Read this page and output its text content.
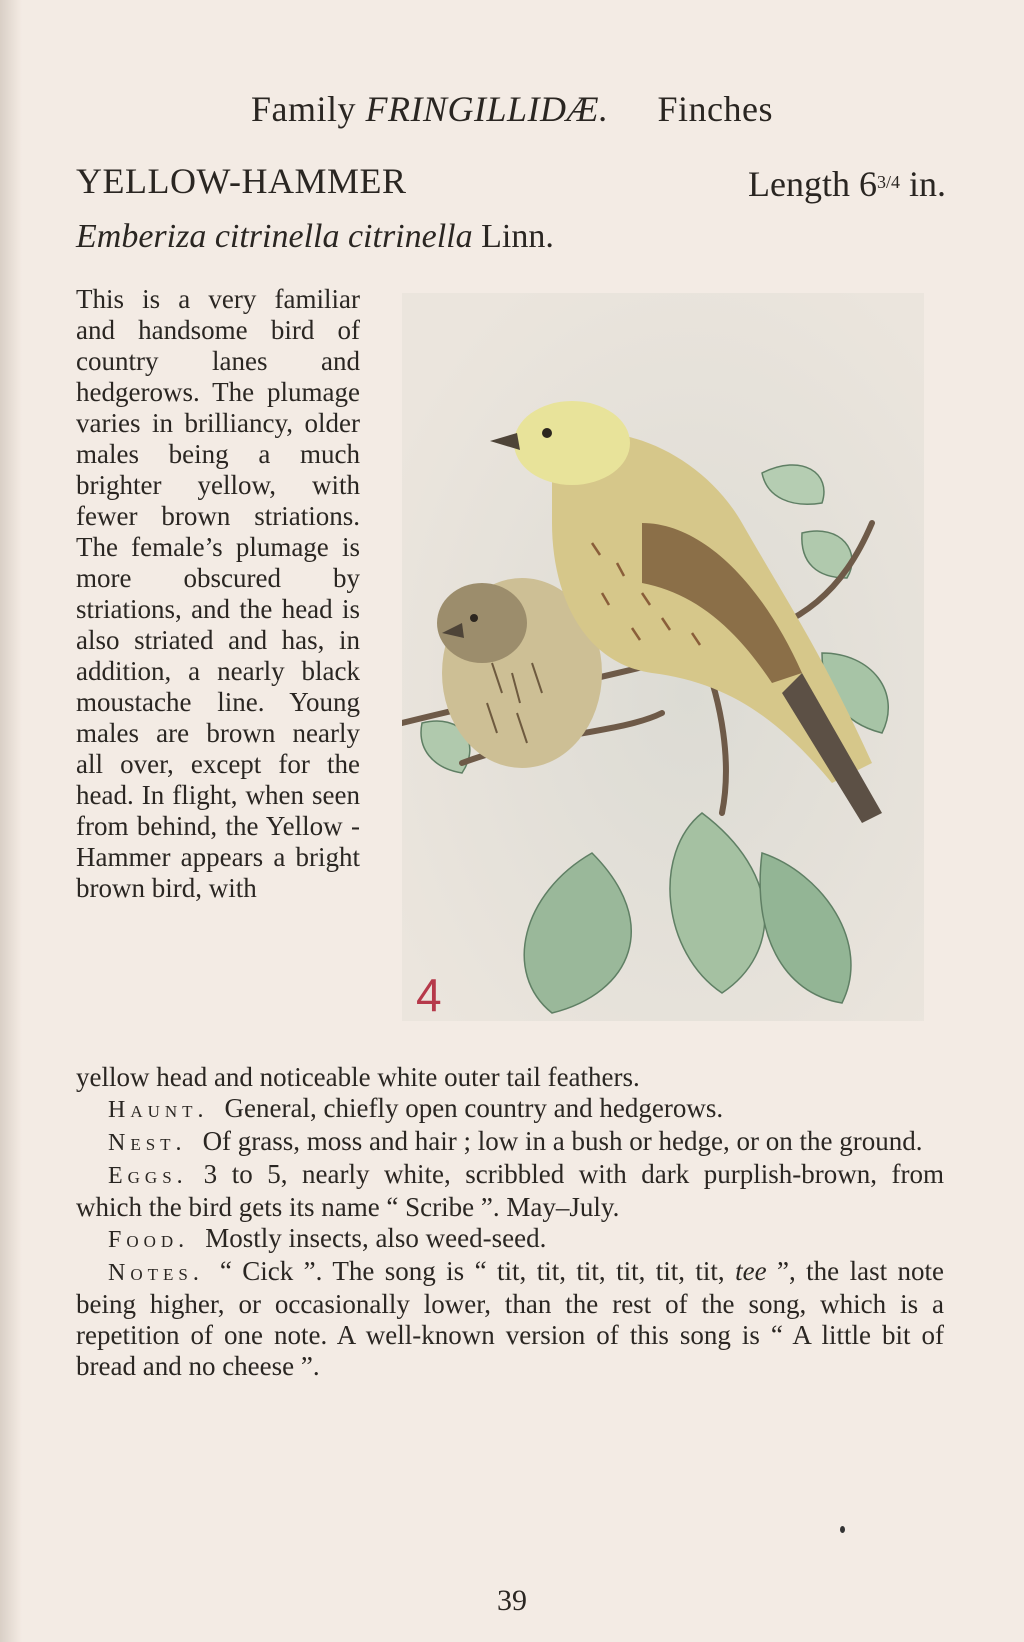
Family FRINGILLIDÆ. Finches
YELLOW-HAMMER	Length $6^{3/4}$ in.
Emberiza citrinella citrinella Linn.
This is a very familiar and handsome bird of country lanes and hedgerows. The plumage varies in brilliancy, older males being a much brighter yellow, with fewer brown striations. The female’s plumage is more obscured by striations, and the head is also striated and has, in addition, a nearly black moustache line. Young males are brown nearly all over, except for the head. In flight, when seen from behind, the Yellow - Hammer appears a bright brown bird, with
4

yellow head and noticeable white outer tail feathers.

Haunt. General, chiefly open country and hedgerows.

Nest. Of grass, moss and hair ; low in a bush or hedge, or on the ground.

Eggs. 3 to 5, nearly white, scribbled with dark purplish-brown, from which the bird gets its name “ Scribe ”. May–July.

Food. Mostly insects, also weed-seed.

Notes. “ Cick ”. The song is “ tit, tit, tit, tit, tit, tit, tee ”, the last note being higher, or occasionally lower, than the rest of the song, which is a repetition of one note. A well-known version of this song is “ A little bit of bread and no cheese ”.

39
